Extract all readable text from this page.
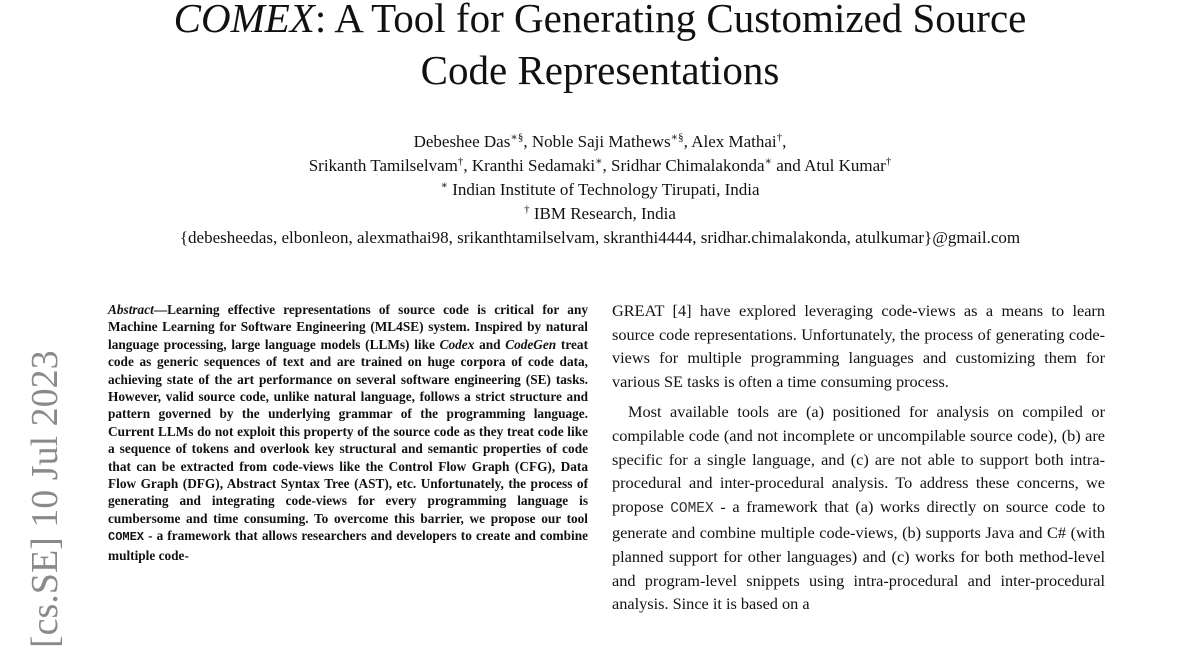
[cs.SE] 10 Jul 2023
COMEX: A Tool for Generating Customized Source
Code Representations
Debeshee Das∗§, Noble Saji Mathews∗§, Alex Mathai†,
Srikanth Tamilselvam†, Kranthi Sedamaki∗, Sridhar Chimalakonda∗ and Atul Kumar†
∗ Indian Institute of Technology Tirupati, India
† IBM Research, India
{debesheedas, elbonleon, alexmathai98, srikanthtamilselvam, skranthi4444, sridhar.chimalakonda, atulkumar}@gmail.com
Abstract—Learning effective representations of source code is critical for any Machine Learning for Software Engineering (ML4SE) system. Inspired by natural language processing, large language models (LLMs) like Codex and CodeGen treat code as generic sequences of text and are trained on huge corpora of code data, achieving state of the art performance on several software engineering (SE) tasks. However, valid source code, unlike natural language, follows a strict structure and pattern governed by the underlying grammar of the programming language. Current LLMs do not exploit this property of the source code as they treat code like a sequence of tokens and overlook key structural and semantic properties of code that can be extracted from code-views like the Control Flow Graph (CFG), Data Flow Graph (DFG), Abstract Syntax Tree (AST), etc. Unfortunately, the process of generating and integrating code-views for every programming language is cumbersome and time consuming. To overcome this barrier, we propose our tool COMEX - a framework that allows researchers and developers to create and combine multiple code-

GREAT [4] have explored leveraging code-views as a means to learn source code representations. Unfortunately, the process of generating code-views for multiple programming languages and customizing them for various SE tasks is often a time consuming process.

Most available tools are (a) positioned for analysis on compiled or compilable code (and not incomplete or uncompilable source code), (b) are specific for a single language, and (c) are not able to support both intra-procedural and inter-procedural analysis. To address these concerns, we propose COMEX - a framework that (a) works directly on source code to generate and combine multiple code-views, (b) supports Java and C# (with planned support for other languages) and (c) works for both method-level and program-level snippets using intra-procedural and inter-procedural analysis. Since it is based on a
